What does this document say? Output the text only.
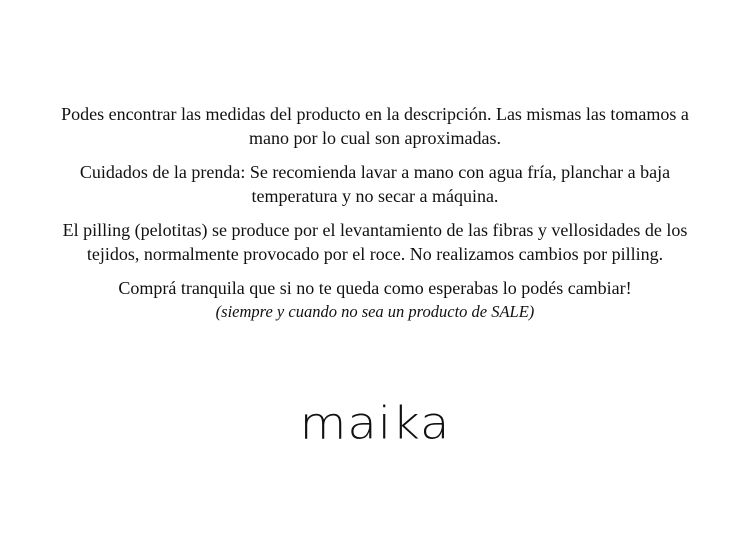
Podes encontrar las medidas del producto en la descripción. Las mismas las tomamos a mano por lo cual son aproximadas.

Cuidados de la prenda: Se recomienda lavar a mano con agua fría, planchar a baja temperatura y no secar a máquina.

El pilling (pelotitas) se produce por el levantamiento de las fibras y vellosidades de los tejidos, normalmente provocado por el roce. No realizamos cambios por pilling.

Comprá tranquila que si no te queda como esperabas lo podés cambiar!
(siempre y cuando no sea un producto de SALE)

maika
